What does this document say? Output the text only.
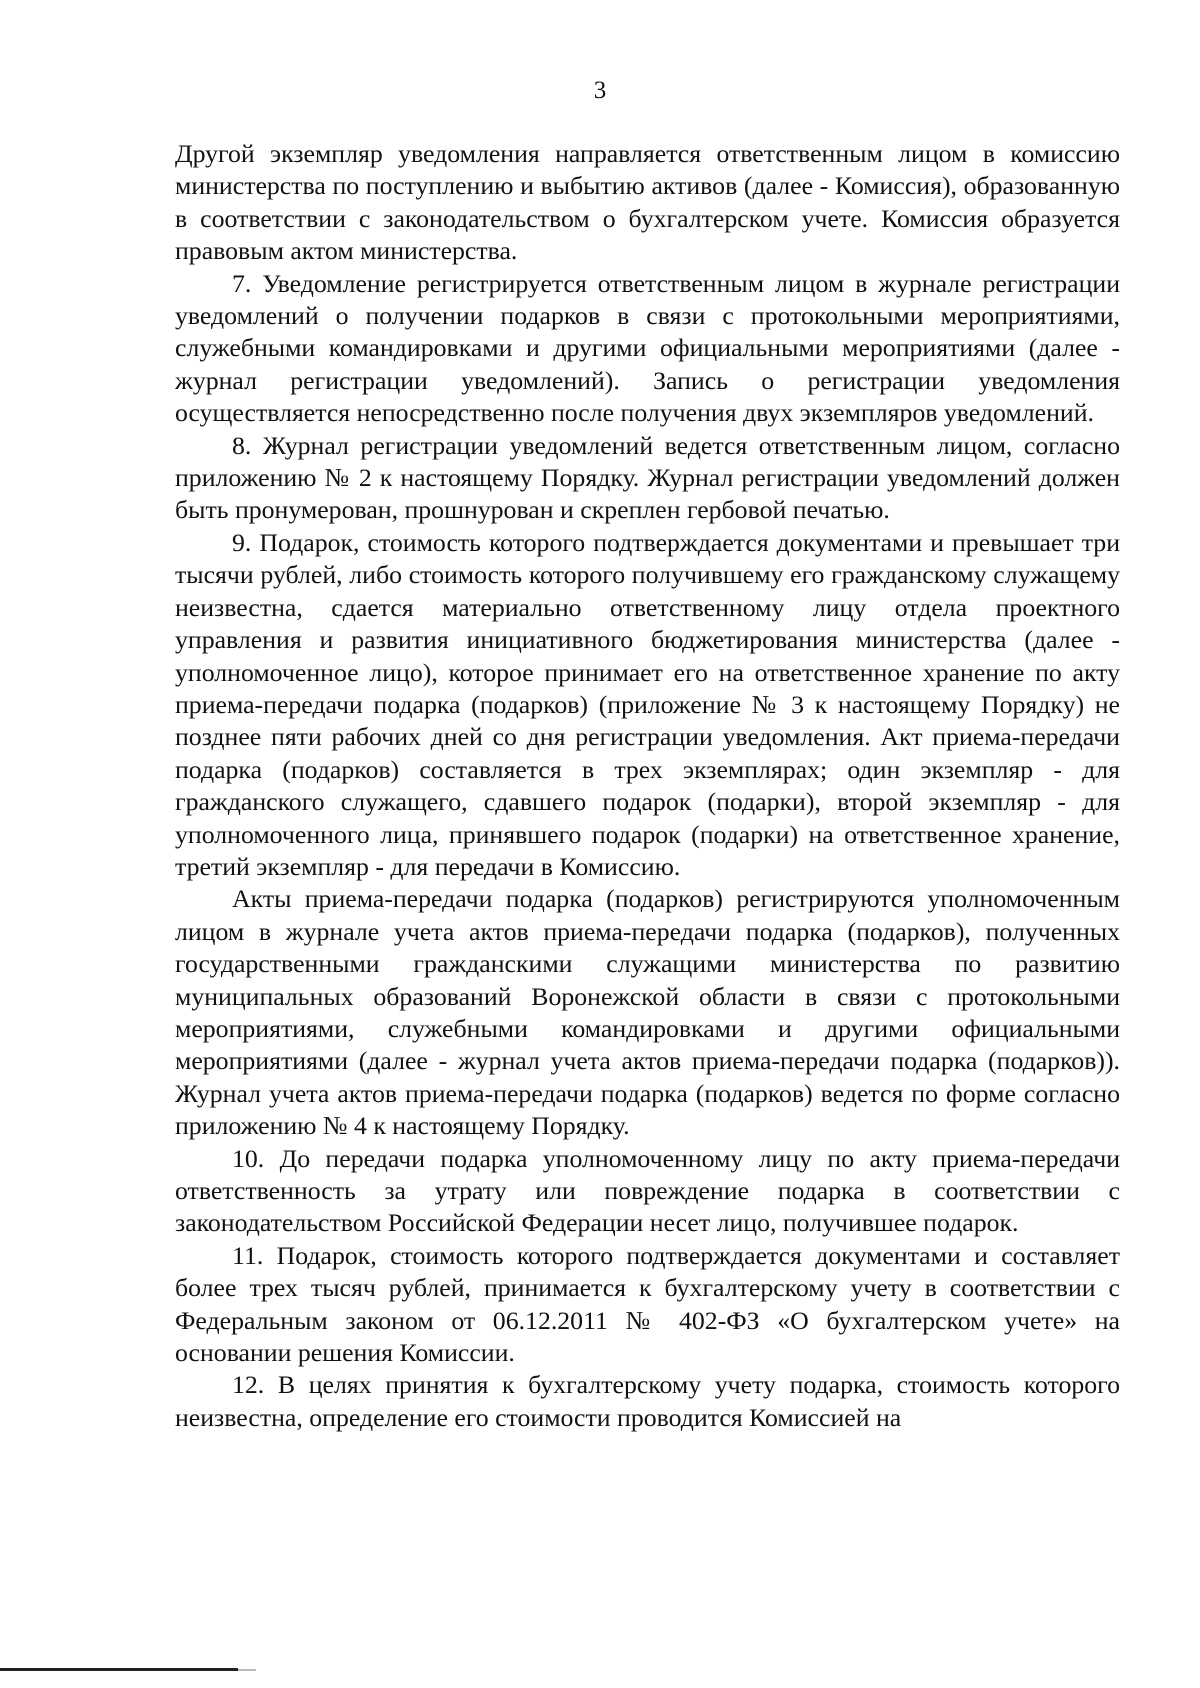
3

Другой экземпляр уведомления направляется ответственным лицом в комиссию министерства по поступлению и выбытию активов (далее - Комиссия), образованную в соответствии с законодательством о бухгалтерском учете. Комиссия образуется правовым актом министерства.

7. Уведомление регистрируется ответственным лицом в журнале регистрации уведомлений о получении подарков в связи с протокольными мероприятиями, служебными командировками и другими официальными мероприятиями (далее - журнал регистрации уведомлений). Запись о регистрации уведомления осуществляется непосредственно после получения двух экземпляров уведомлений.

8. Журнал регистрации уведомлений ведется ответственным лицом, согласно приложению № 2 к настоящему Порядку. Журнал регистрации уведомлений должен быть пронумерован, прошнурован и скреплен гербовой печатью.

9. Подарок, стоимость которого подтверждается документами и превышает три тысячи рублей, либо стоимость которого получившему его гражданскому служащему неизвестна, сдается материально ответственному лицу отдела проектного управления и развития инициативного бюджетирования министерства (далее - уполномоченное лицо), которое принимает его на ответственное хранение по акту приема-передачи подарка (подарков) (приложение № 3 к настоящему Порядку) не позднее пяти рабочих дней со дня регистрации уведомления. Акт приема-передачи подарка (подарков) составляется в трех экземплярах; один экземпляр - для гражданского служащего, сдавшего подарок (подарки), второй экземпляр - для уполномоченного лица, принявшего подарок (подарки) на ответственное хранение, третий экземпляр - для передачи в Комиссию.

Акты приема-передачи подарка (подарков) регистрируются уполномоченным лицом в журнале учета актов приема-передачи подарка (подарков), полученных государственными гражданскими служащими министерства по развитию муниципальных образований Воронежской области в связи с протокольными мероприятиями, служебными командировками и другими официальными мероприятиями (далее - журнал учета актов приема-передачи подарка (подарков)). Журнал учета актов приема-передачи подарка (подарков) ведется по форме согласно приложению № 4 к настоящему Порядку.

10. До передачи подарка уполномоченному лицу по акту приема-передачи ответственность за утрату или повреждение подарка в соответствии с законодательством Российской Федерации несет лицо, получившее подарок.

11. Подарок, стоимость которого подтверждается документами и составляет более трех тысяч рублей, принимается к бухгалтерскому учету в соответствии с Федеральным законом от 06.12.2011 № 402-ФЗ «О бухгалтерском учете» на основании решения Комиссии.

12. В целях принятия к бухгалтерскому учету подарка, стоимость которого неизвестна, определение его стоимости проводится Комиссией на
